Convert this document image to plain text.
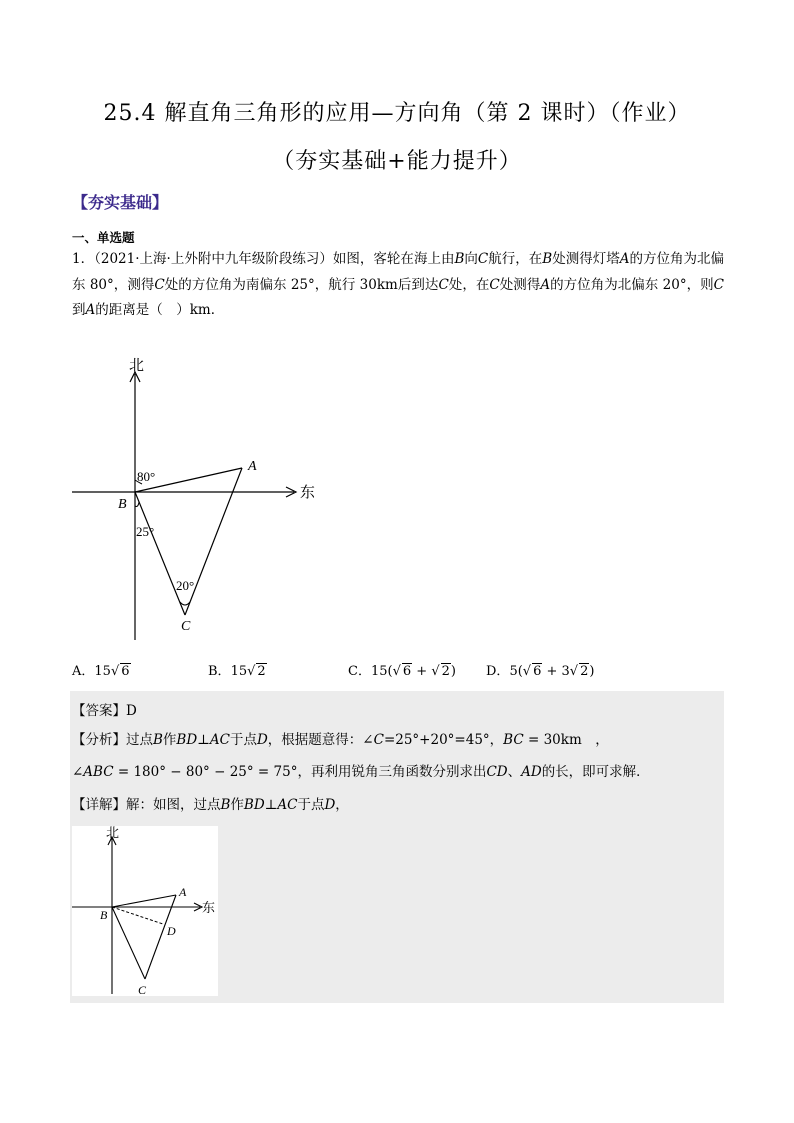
25.4 解直角三角形的应用—方向角（第 2 课时）（作业）
（夯实基础+能力提升）
【夯实基础】
一、单选题
1．（2021·上海·上外附中九年级阶段练习）如图，客轮在海上由B向C航行，在B处测得灯塔A的方位角为北偏东 80°，测得C处的方位角为南偏东 25°，航行 30km后到达C处，在C处测得A的方位角为北偏东 20°，则C到A的距离是（　）km．
北
东
A
B
C
80°
25°
20°
A．15√ 6	B．15√ 2	C．15(√ 6 + √ 2) D．5(√ 6 + 3√ 2)
【答案】D
【分析】过点B作BD⊥AC于点D，根据题意得：∠C=25°+20°=45°，BC = 30km　，
∠ABC = 180° − 80° − 25° = 75°，再利用锐角三角函数分别求出CD、AD的长，即可求解．
【详解】解：如图，过点B作BD⊥AC于点D，
北
东
A
B
C
D
